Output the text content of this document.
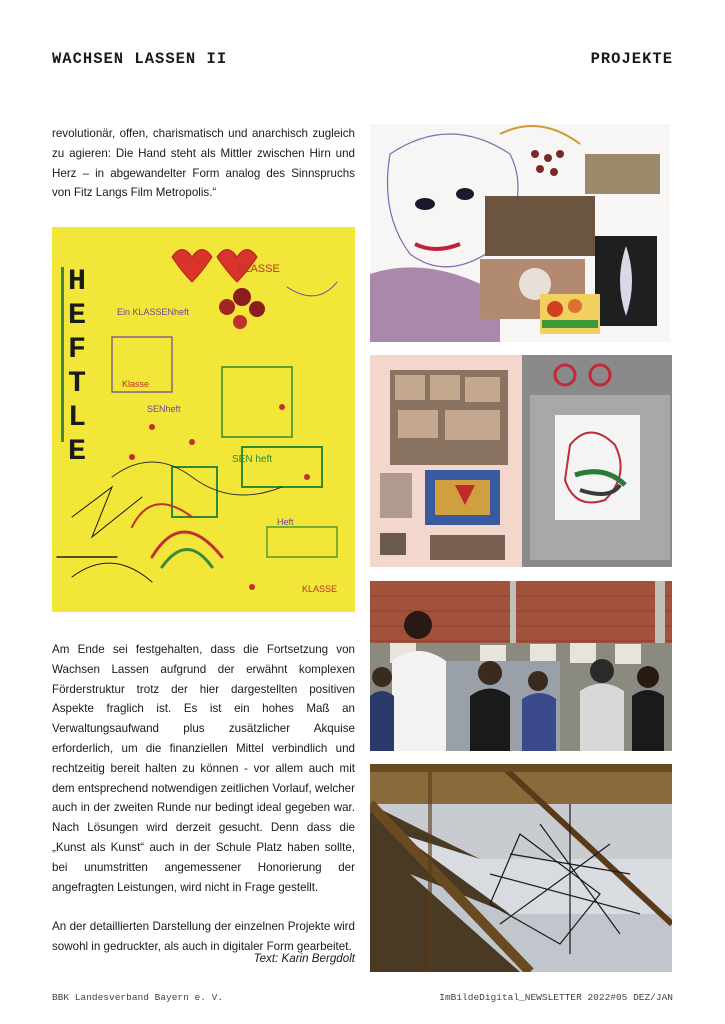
WACHSEN LASSEN II	PROJEKTE

revolutionär, offen, charismatisch und anarchisch zugleich zu agieren: Die Hand steht als Mittler zwischen Hirn und Herz – in abgewandelter Form analog des Sinnspruchs von Fitz Langs Film Metropolis.“

H
E
F
T
L
E
Ein KLASSENheft
KLASSE
Klasse
SENheft
SEN heft
Heft
KLASSE

Am Ende sei festgehalten, dass die Fortsetzung von Wachsen Lassen aufgrund der erwähnt komplexen Förderstruktur trotz der hier dargestellten positiven Aspekte fraglich ist. Es ist ein hohes Maß an Verwaltungsaufwand plus zusätzlicher Akquise erforderlich, um die finanziellen Mittel verbindlich und rechtzeitig bereit halten zu können - vor allem auch mit dem entsprechend notwendigen zeitlichen Vorlauf, welcher auch in der zweiten Runde nur bedingt ideal gegeben war. Nach Lösungen wird derzeit gesucht. Denn dass die „Kunst als Kunst“ auch in der Schule Platz haben sollte, bei unumstritten angemessener Honorierung der angefragten Leistungen, wird nicht in Frage gestellt.

An der detaillierten Darstellung der einzelnen Projekte wird sowohl in gedruckter, als auch in digitaler Form gearbeitet.

Text: Karin Bergdolt
BBK Landesverband Bayern e. V.	ImBildeDigital_NEWSLETTER 2022#05 DEZ/JAN
